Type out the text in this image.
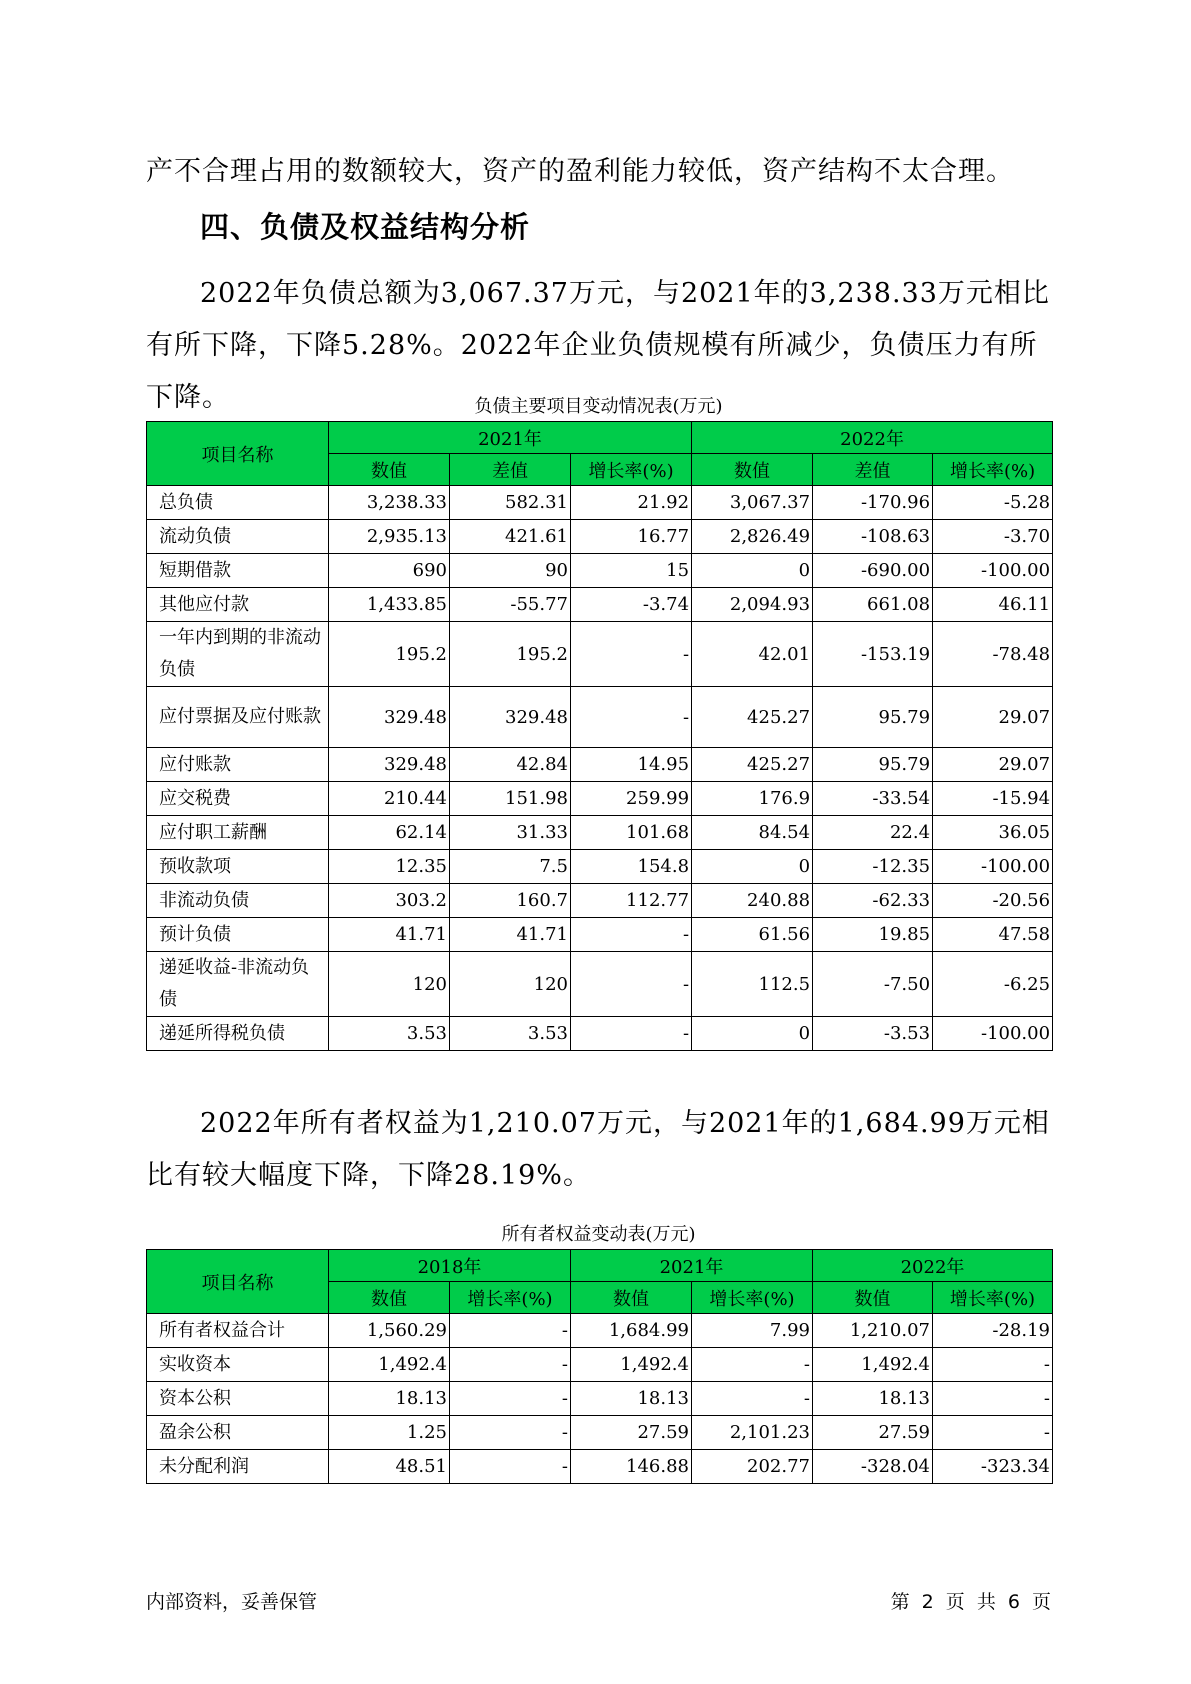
产不合理占用的数额较大，资产的盈利能力较低，资产结构不太合理。

四、负债及权益结构分析

2022年负债总额为3,067.37万元，与2021年的3,238.33万元相比有所下降，下降5.28%。2022年企业负债规模有所减少，负债压力有所下降。	负债主要项目变动情况表(万元)

项目名称	2021年			2022年		
	数值	差值	增长率(%)	数值	差值	增长率(%)
总负债	3,238.33	582.31	21.92	3,067.37	-170.96	-5.28
流动负债	2,935.13	421.61	16.77	2,826.49	-108.63	-3.70
短期借款	690	90	15	0	-690.00	-100.00
其他应付款	1,433.85	-55.77	-3.74	2,094.93	661.08	46.11
一年内到期的非流动负债	195.2	195.2	-	42.01	-153.19	-78.48
应付票据及应付账款	329.48	329.48	-	425.27	95.79	29.07
应付账款	329.48	42.84	14.95	425.27	95.79	29.07
应交税费	210.44	151.98	259.99	176.9	-33.54	-15.94
应付职工薪酬	62.14	31.33	101.68	84.54	22.4	36.05
预收款项	12.35	7.5	154.8	0	-12.35	-100.00
非流动负债	303.2	160.7	112.77	240.88	-62.33	-20.56
预计负债	41.71	41.71	-	61.56	19.85	47.58
递延收益-非流动负债	120	120	-	112.5	-7.50	-6.25
递延所得税负债	3.53	3.53	-	0	-3.53	-100.00

2022年所有者权益为1,210.07万元，与2021年的1,684.99万元相比有较大幅度下降，下降28.19%。

所有者权益变动表(万元)

项目名称	2018年		2021年		2022年	
	数值	增长率(%)	数值	增长率(%)	数值	增长率(%)
所有者权益合计	1,560.29	-	1,684.99	7.99	1,210.07	-28.19
实收资本	1,492.4	-	1,492.4	-	1,492.4	-
资本公积	18.13	-	18.13	-	18.13	-
盈余公积	1.25	-	27.59	2,101.23	27.59	-
未分配利润	48.51	-	146.88	202.77	-328.04	-323.34

内部资料，妥善保管	第 2 页 共 6 页
